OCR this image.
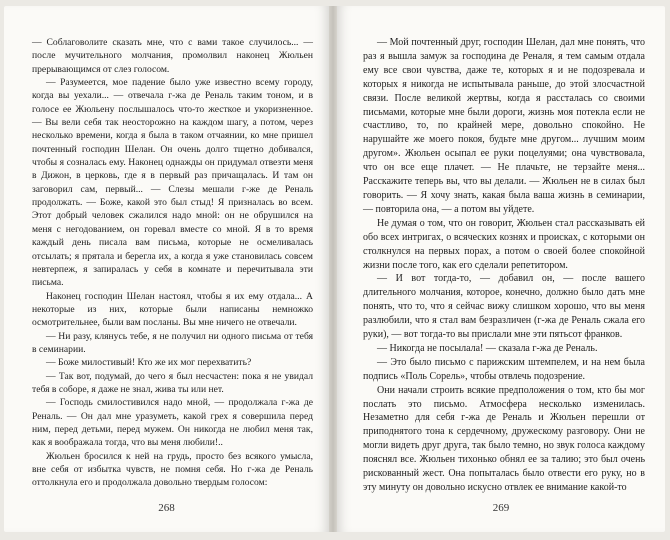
— Соблаговолите сказать мне, что с вами такое случилось... — после мучительного молчания, промолвил наконец Жюльен прерывающимся от слез голосом.

— Разумеется, мое падение было уже известно всему городу, когда вы уехали... — отвечала г-жа де Реналь таким тоном, и в голосе ее Жюльену послышалось что-то жесткое и укоризненное. — Вы вели себя так неосторожно на каждом шагу, а потом, через несколько времени, когда я была в таком отчаянии, ко мне пришел почтенный господин Шелан. Он очень долго тщетно добивался, чтобы я созналась ему. Наконец однажды он придумал отвезти меня в Дижон, в церковь, где я в первый раз причащалась. И там он заговорил сам, первый... — Слезы мешали г-же де Реналь продолжать. — Боже, какой это был стыд! Я призналась во всем. Этот добрый человек сжалился надо мной: он не обрушился на меня с негодованием, он горевал вместе со мной. Я в то время каждый день писала вам письма, которые не осмеливалась отсылать; я прятала и берегла их, а когда я уже становилась совсем невтерпеж, я запиралась у себя в комнате и перечитывала эти письма.

Наконец господин Шелан настоял, чтобы я их ему отдала... А некоторые из них, которые были написаны немножко осмотрительнее, были вам посланы. Вы мне ничего не отвечали.

— Ни разу, клянусь тебе, я не получил ни одного письма от тебя в семинарии.

— Боже милостивый! Кто же их мог перехватить?

— Так вот, подумай, до чего я был несчастен: пока я не увидал тебя в соборе, я даже не знал, жива ты или нет.

— Господь смилостивился надо мной, — продолжала г-жа де Реналь. — Он дал мне уразуметь, какой грех я совершила перед ним, перед детьми, перед мужем. Он никогда не любил меня так, как я воображала тогда, что вы меня любили!..

Жюльен бросился к ней на грудь, просто без всякого умысла, вне себя от избытка чувств, не помня себя. Но г-жа де Реналь оттолкнула его и продолжала довольно твердым голосом:

268

— Мой почтенный друг, господин Шелан, дал мне понять, что раз я вышла замуж за господина де Реналя, я тем самым отдала ему все свои чувства, даже те, которых я и не подозревала и которых я никогда не испытывала раньше, до этой злосчастной связи. После великой жертвы, когда я рассталась со своими письмами, которые мне были дороги, жизнь моя потекла если не счастливо, то, по крайней мере, довольно спокойно. Не нарушайте же моего покоя, будьте мне другом... лучшим моим другом». Жюльен осыпал ее руки поцелуями; она чувствовала, что он все еще плачет. — Не плачьте, не терзайте меня... Расскажите теперь вы, что вы делали. — Жюльен не в силах был говорить. — Я хочу знать, какая была ваша жизнь в семинарии, — повторила она, — а потом вы уйдете.

Не думая о том, что он говорит, Жюльен стал рассказывать ей обо всех интригах, о всяческих кознях и происках, с которыми он столкнулся на первых порах, а потом о своей более спокойной жизни после того, как его сделали репетитором.

— И вот тогда-то, — добавил он, — после вашего длительного молчания, которое, конечно, должно было дать мне понять, что то, что я сейчас вижу слишком хорошо, что вы меня разлюбили, что я стал вам безразличен (г-жа де Реналь сжала его руки), — вот тогда-то вы прислали мне эти пятьсот франков.

— Никогда не посылала! — сказала г-жа де Реналь.

— Это было письмо с парижским штемпелем, и на нем была подпись «Поль Сорель», чтобы отвлечь подозрение.

Они начали строить всякие предположения о том, кто бы мог послать это письмо. Атмосфера несколько изменилась. Незаметно для себя г-жа де Реналь и Жюльен перешли от приподнятого тона к сердечному, дружескому разговору. Они не могли видеть друг друга, так было темно, но звук голоса каждому пояснял все. Жюльен тихонько обнял ее за талию; это был очень рискованный жест. Она попыталась было отвести его руку, но в эту минуту он довольно искусно отвлек ее внимание какой-то

269
